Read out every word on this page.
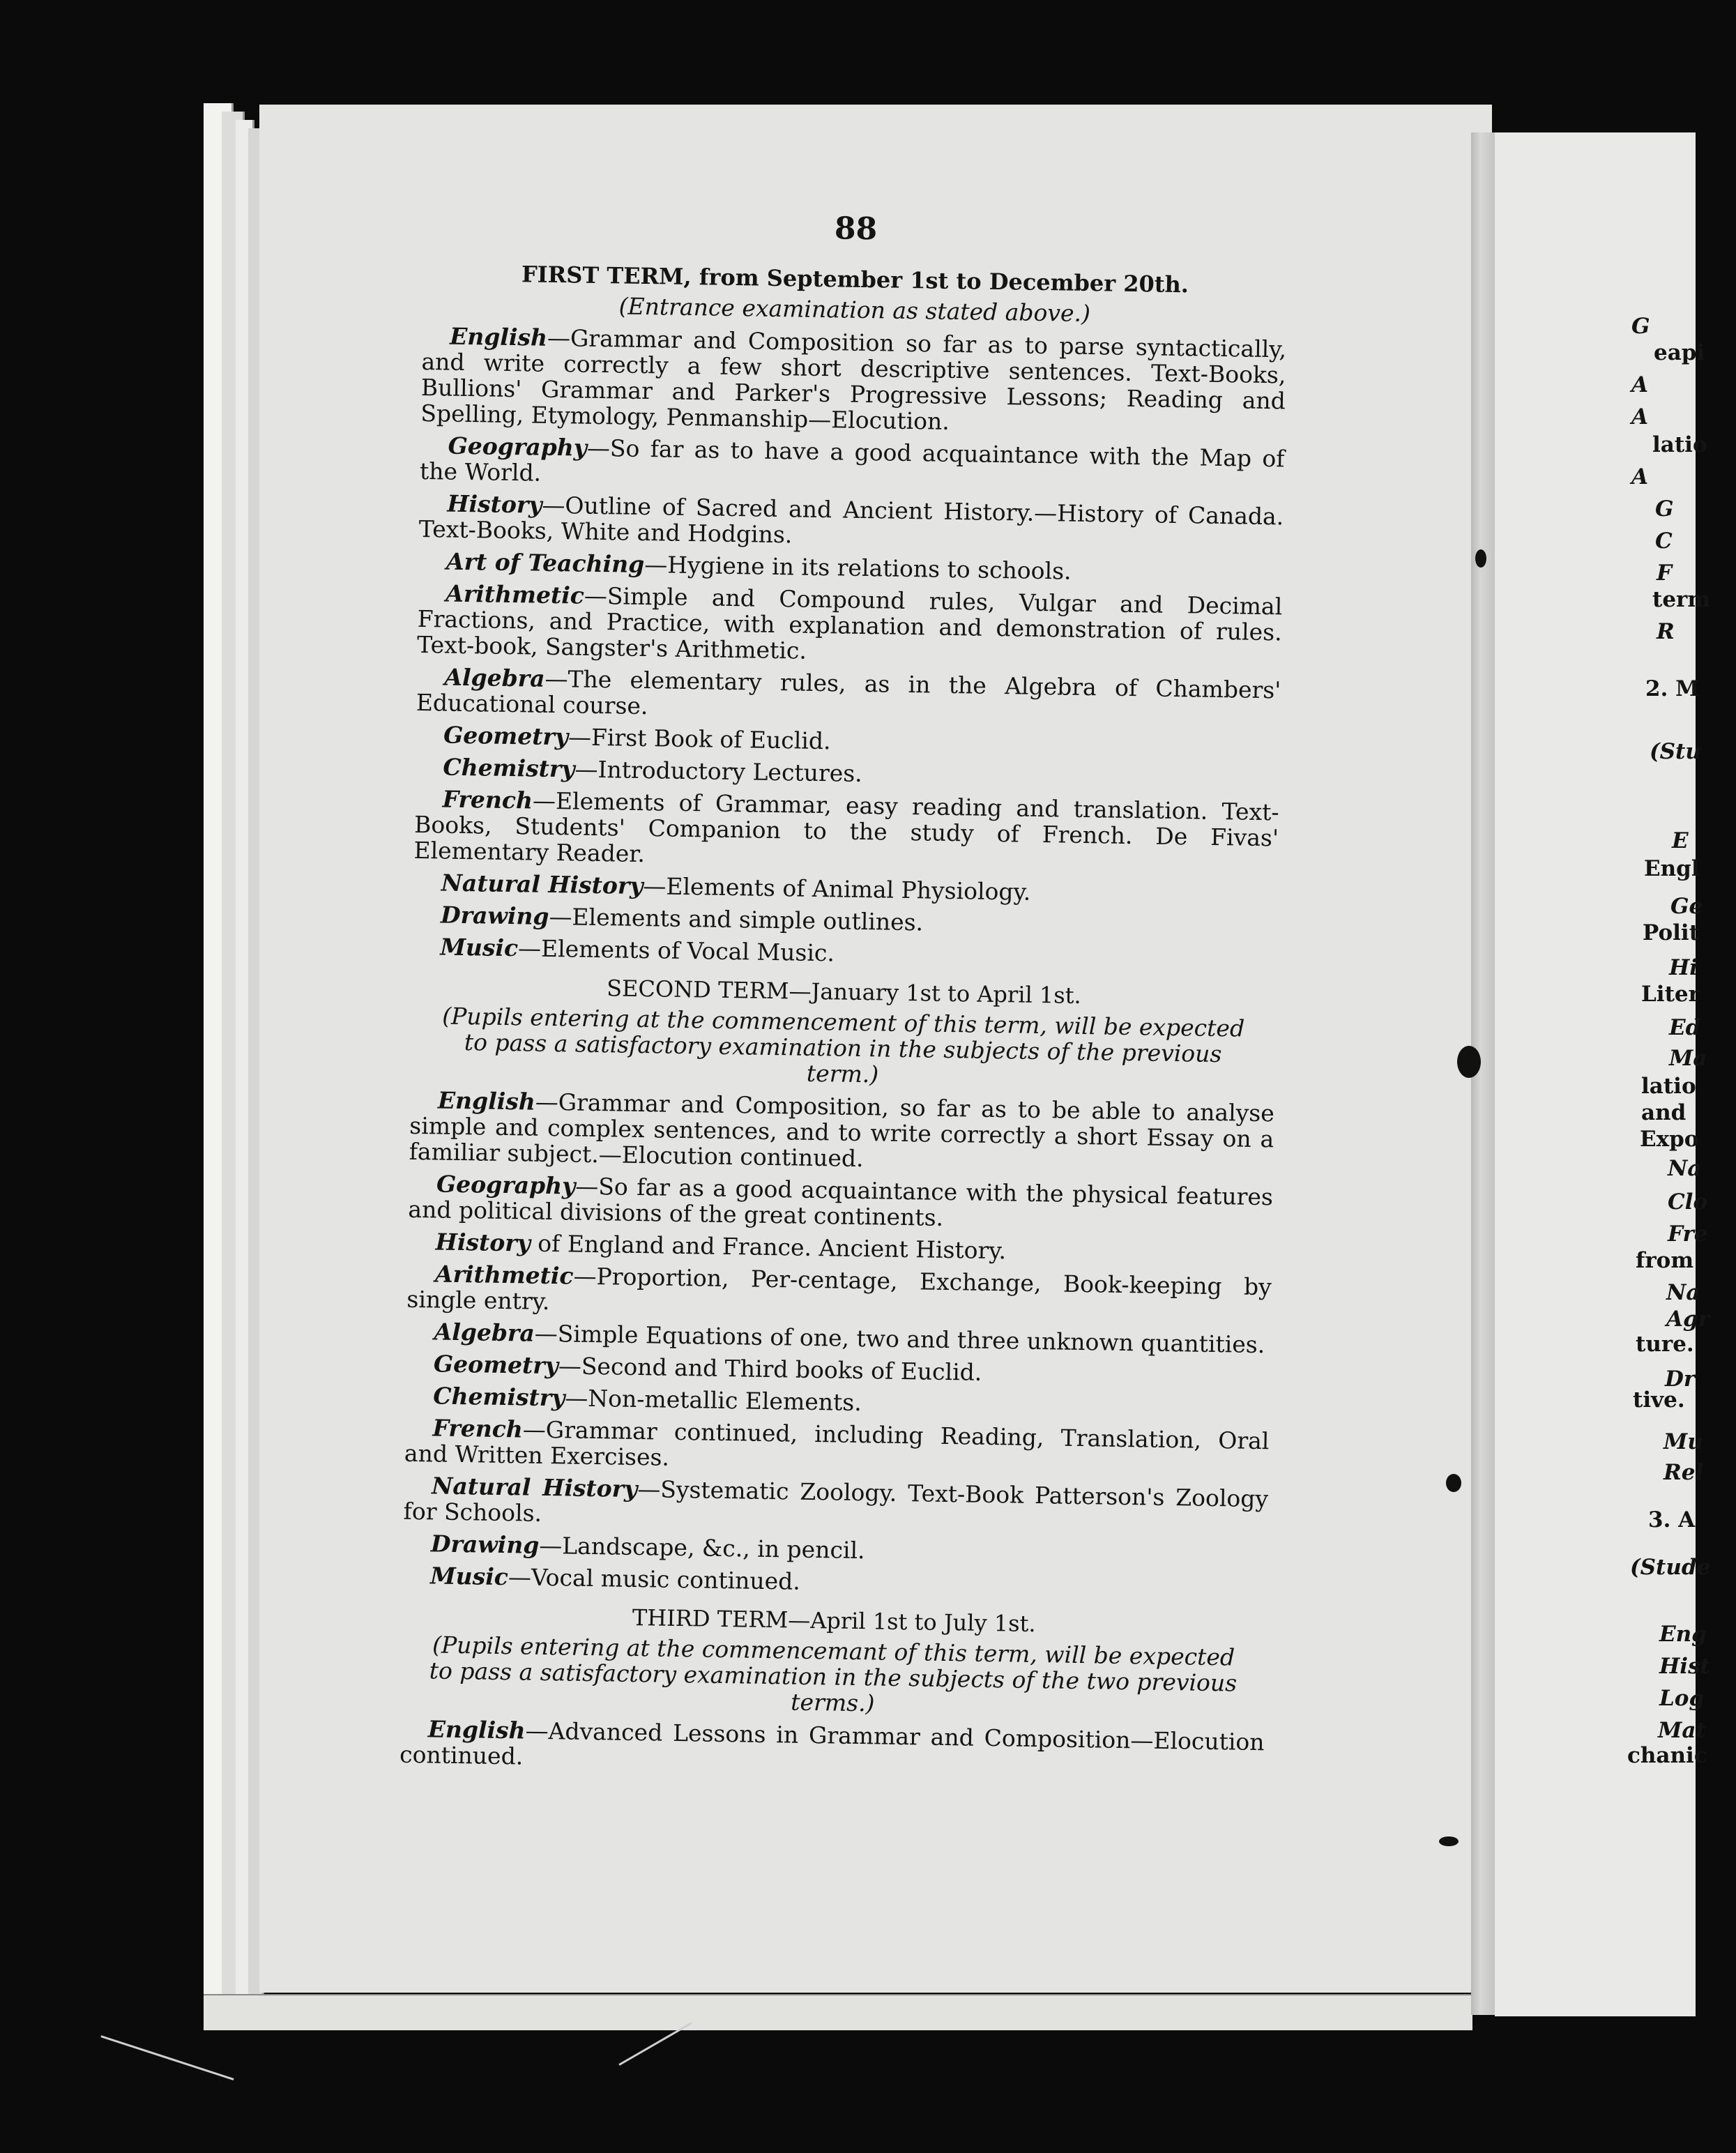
88

FIRST TERM, from September 1st to December 20th.

(Entrance examination as stated above.)

English—Grammar and Composition so far as to parse syntactically, and write correctly a few short descriptive sentences. Text-Books, Bullions' Grammar and Parker's Progressive Lessons; Reading and Spelling, Etymology, Penmanship—Elocution.

Geography—So far as to have a good acquaintance with the Map of the World.

History—Outline of Sacred and Ancient History.—History of Canada. Text-Books, White and Hodgins.

Art of Teaching—Hygiene in its relations to schools.

Arithmetic—Simple and Compound rules, Vulgar and Decimal Fractions, and Practice, with explanation and demonstration of rules. Text-book, Sangster's Arithmetic.

Algebra—The elementary rules, as in the Algebra of Chambers' Educational course.

Geometry—First Book of Euclid.

Chemistry—Introductory Lectures.

French—Elements of Grammar, easy reading and translation. Text-Books, Students' Companion to the study of French. De Fivas' Elementary Reader.

Natural History—Elements of Animal Physiology.

Drawing—Elements and simple outlines.

Music—Elements of Vocal Music.

SECOND TERM—January 1st to April 1st.

(Pupils entering at the commencement of this term, will be expected to pass a satisfactory examination in the subjects of the previous term.)

English—Grammar and Composition, so far as to be able to analyse simple and complex sentences, and to write correctly a short Essay on a familiar subject.—Elocution continued.

Geography—So far as a good acquaintance with the physical features and political divisions of the great continents.

History of England and France. Ancient History.

Arithmetic—Proportion, Per-centage, Exchange, Book-keeping by single entry.

Algebra—Simple Equations of one, two and three unknown quantities.

Geometry—Second and Third books of Euclid.

Chemistry—Non-metallic Elements.

French—Grammar continued, including Reading, Translation, Oral and Written Exercises.

Natural History—Systematic Zoology. Text-Book Patterson's Zoology for Schools.

Drawing—Landscape, &c., in pencil.

Music—Vocal music continued.

THIRD TERM—April 1st to July 1st.

(Pupils entering at the commencemant of this term, will be expected to pass a satisfactory examination in the subjects of the two previous terms.)

English—Advanced Lessons in Grammar and Composition—Elocution continued.

G
eapi
A
A
latio
A
G
C
F
term
R
2. M
(Stu
E
Engl
Ge
Polit
Hi
Liter
Ed
Ma
latio
and
Expo
Na
Clo
Fre
from
Na
Agr
ture.
Dr
tive.
Mu
Rel
3. A
(Stude
Eng
Hist
Log
Mat
chanic
